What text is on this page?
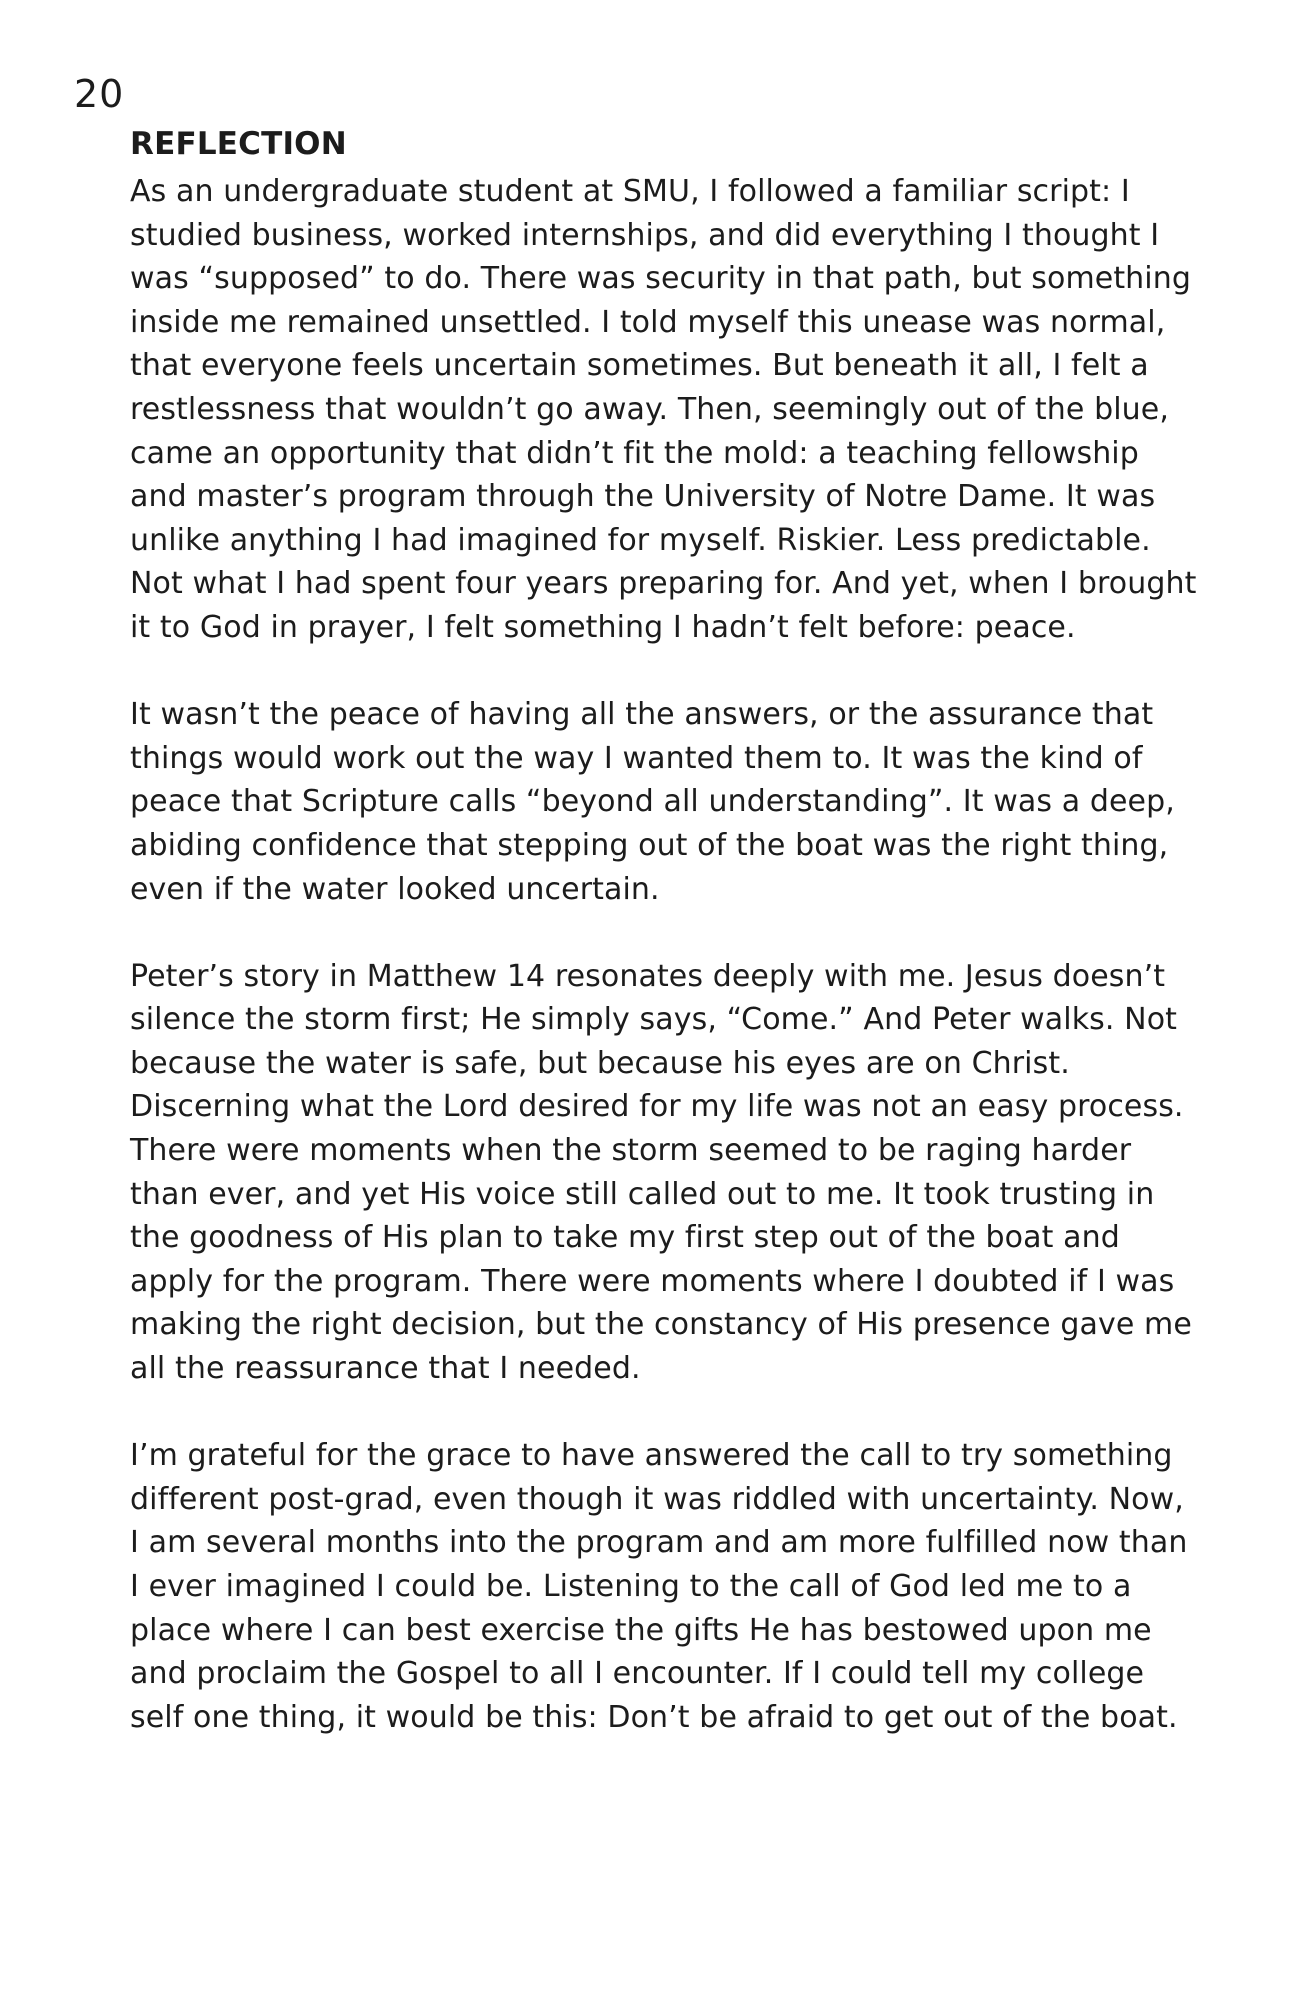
20
REFLECTION

As an undergraduate student at SMU, I followed a familiar script: I studied business, worked internships, and did everything I thought I was “supposed” to do. There was security in that path, but something inside me remained unsettled. I told myself this unease was normal, that everyone feels uncertain sometimes. But beneath it all, I felt a restlessness that wouldn’t go away. Then, seemingly out of the blue, came an opportunity that didn’t fit the mold: a teaching fellowship and master’s program through the University of Notre Dame. It was unlike anything I had imagined for myself. Riskier. Less predictable. Not what I had spent four years preparing for. And yet, when I brought it to God in prayer, I felt something I hadn’t felt before: peace.

It wasn’t the peace of having all the answers, or the assurance that things would work out the way I wanted them to. It was the kind of peace that Scripture calls “beyond all understanding”. It was a deep, abiding confidence that stepping out of the boat was the right thing, even if the water looked uncertain.

Peter’s story in Matthew 14 resonates deeply with me. Jesus doesn’t silence the storm first; He simply says, “Come.” And Peter walks. Not because the water is safe, but because his eyes are on Christ. Discerning what the Lord desired for my life was not an easy process. There were moments when the storm seemed to be raging harder than ever, and yet His voice still called out to me. It took trusting in the goodness of His plan to take my first step out of the boat and apply for the program. There were moments where I doubted if I was making the right decision, but the constancy of His presence gave me all the reassurance that I needed.

I’m grateful for the grace to have answered the call to try something different post-grad, even though it was riddled with uncertainty. Now, I am several months into the program and am more fulfilled now than I ever imagined I could be. Listening to the call of God led me to a place where I can best exercise the gifts He has bestowed upon me and proclaim the Gospel to all I encounter. If I could tell my college self one thing, it would be this: Don’t be afraid to get out of the boat.
